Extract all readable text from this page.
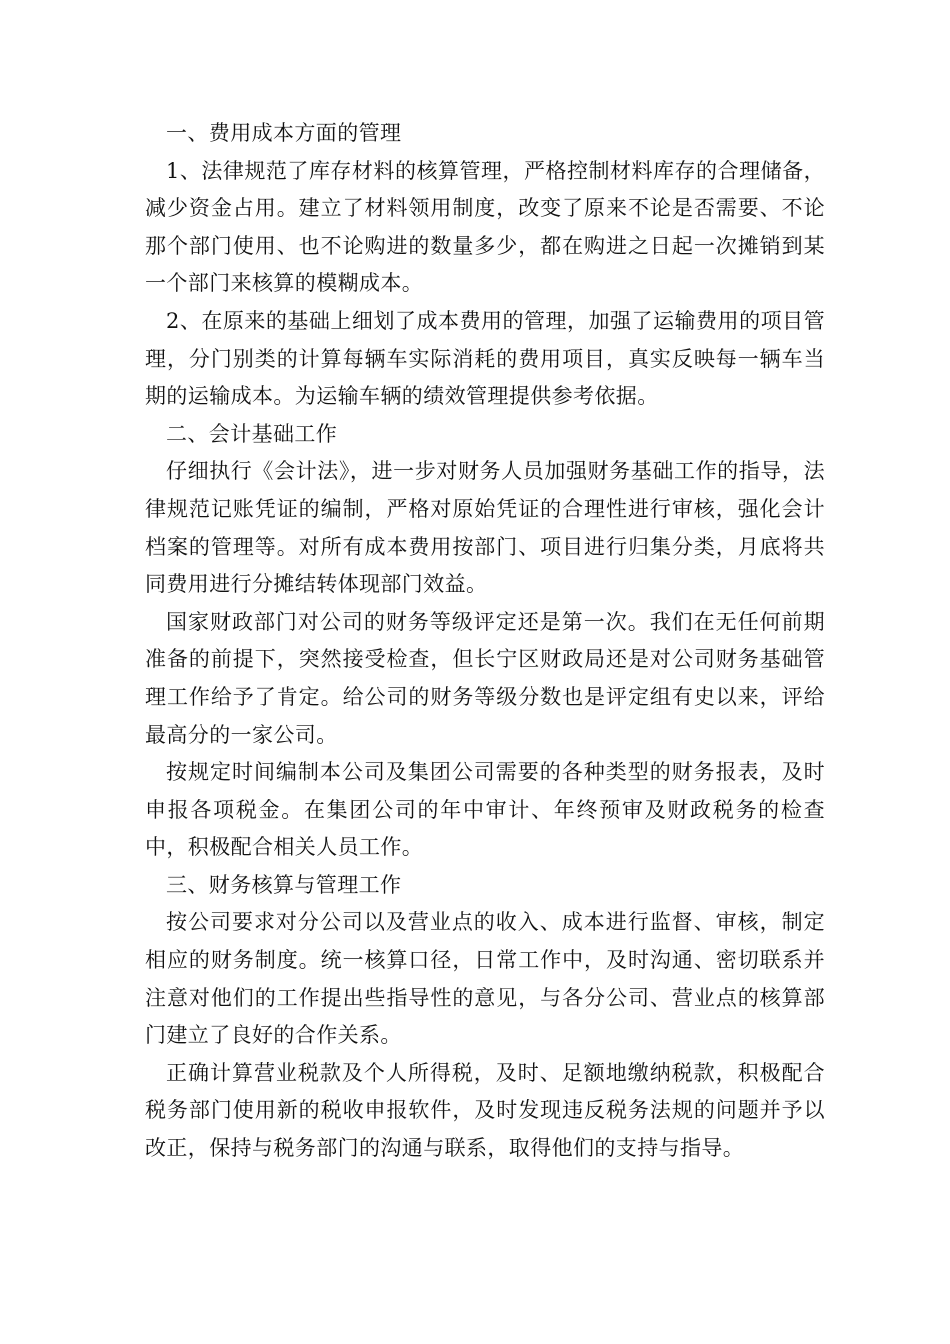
一、费用成本方面的管理

1、法律规范了库存材料的核算管理，严格控制材料库存的合理储备，减少资金占用。建立了材料领用制度，改变了原来不论是否需要、不论那个部门使用、也不论购进的数量多少，都在购进之日起一次摊销到某一个部门来核算的模糊成本。

2、在原来的基础上细划了成本费用的管理，加强了运输费用的项目管理，分门别类的计算每辆车实际消耗的费用项目，真实反映每一辆车当期的运输成本。为运输车辆的绩效管理提供参考依据。

二、会计基础工作

仔细执行《会计法》，进一步对财务人员加强财务基础工作的指导，法律规范记账凭证的编制，严格对原始凭证的合理性进行审核，强化会计档案的管理等。对所有成本费用按部门、项目进行归集分类，月底将共同费用进行分摊结转体现部门效益。

国家财政部门对公司的财务等级评定还是第一次。我们在无任何前期准备的前提下，突然接受检查，但长宁区财政局还是对公司财务基础管理工作给予了肯定。给公司的财务等级分数也是评定组有史以来，评给最高分的一家公司。

按规定时间编制本公司及集团公司需要的各种类型的财务报表，及时申报各项税金。在集团公司的年中审计、年终预审及财政税务的检查中，积极配合相关人员工作。

三、财务核算与管理工作

按公司要求对分公司以及营业点的收入、成本进行监督、审核，制定相应的财务制度。统一核算口径，日常工作中，及时沟通、密切联系并注意对他们的工作提出些指导性的意见，与各分公司、营业点的核算部门建立了良好的合作关系。

正确计算营业税款及个人所得税，及时、足额地缴纳税款，积极配合税务部门使用新的税收申报软件，及时发现违反税务法规的问题并予以改正，保持与税务部门的沟通与联系，取得他们的支持与指导。
